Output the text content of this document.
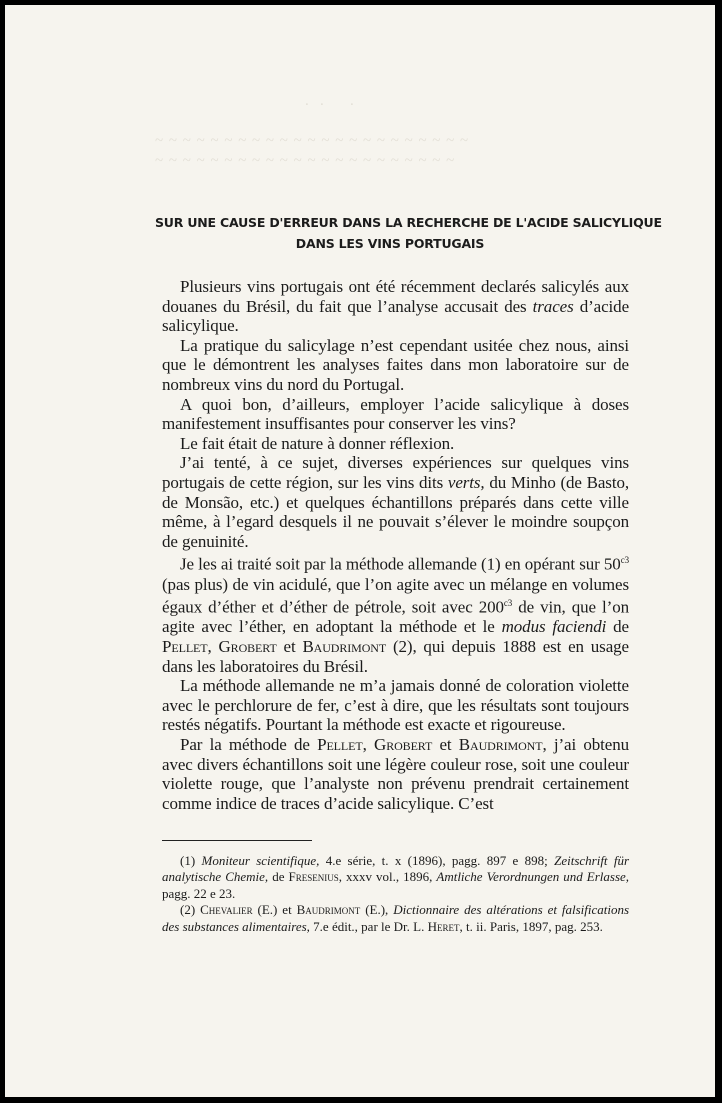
.   .       .
~ ~ ~ ~ ~ ~ ~ ~ ~ ~ ~ ~ ~ ~ ~ ~ ~ ~ ~ ~ ~ ~ ~
~ ~ ~ ~ ~ ~ ~ ~ ~ ~ ~ ~ ~ ~ ~ ~ ~ ~ ~ ~ ~ ~
SUR UNE CAUSE D'ERREUR DANS LA RECHERCHE DE L'ACIDE SALICYLIQUE
DANS LES VINS PORTUGAIS

Plusieurs vins portugais ont été récemment declarés salicylés aux douanes du Brésil, du fait que l’analyse accusait des traces d’acide salicylique.

La pratique du salicylage n’est cependant usitée chez nous, ainsi que le démontrent les analyses faites dans mon laboratoire sur de nombreux vins du nord du Portugal.

A quoi bon, d’ailleurs, employer l’acide salicylique à doses manifestement insuffisantes pour conserver les vins?

Le fait était de nature à donner réflexion.

J’ai tenté, à ce sujet, diverses expériences sur quelques vins portugais de cette région, sur les vins dits verts, du Minho (de Basto, de Monsão, etc.) et quelques échantillons préparés dans cette ville même, à l’egard desquels il ne pouvait s’élever le moindre soupçon de genuinité.

Je les ai traité soit par la méthode allemande (1) en opérant sur $50^{c3}$ (pas plus) de vin acidulé, que l’on agite avec un mélange en volumes égaux d’éther et d’éther de pétrole, soit avec $200^{c3}$ de vin, que l’on agite avec l’éther, en adoptant la méthode et le modus faciendi de Pellet, Grobert et Baudrimont (2), qui depuis 1888 est en usage dans les laboratoires du Brésil.

La méthode allemande ne m’a jamais donné de coloration violette avec le perchlorure de fer, c’est à dire, que les résultats sont toujours restés négatifs. Pourtant la méthode est exacte et rigoureuse.

Par la méthode de Pellet, Grobert et Baudrimont, j’ai obtenu avec divers échantillons soit une légère couleur rose, soit une couleur violette rouge, que l’analyste non prévenu prendrait certainement comme indice de traces d’acide salicylique. C’est

(1) Moniteur scientifique, 4.e série, t. x (1896), pagg. 897 e 898; Zeitschrift für analytische Chemie, de Fresenius, xxxv vol., 1896, Amtliche Verordnungen und Erlasse, pagg. 22 e 23.

(2) Chevalier (E.) et Baudrimont (E.), Dictionnaire des altérations et falsifications des substances alimentaires, 7.e édit., par le Dr. L. Heret, t. ii. Paris, 1897, pag. 253.
